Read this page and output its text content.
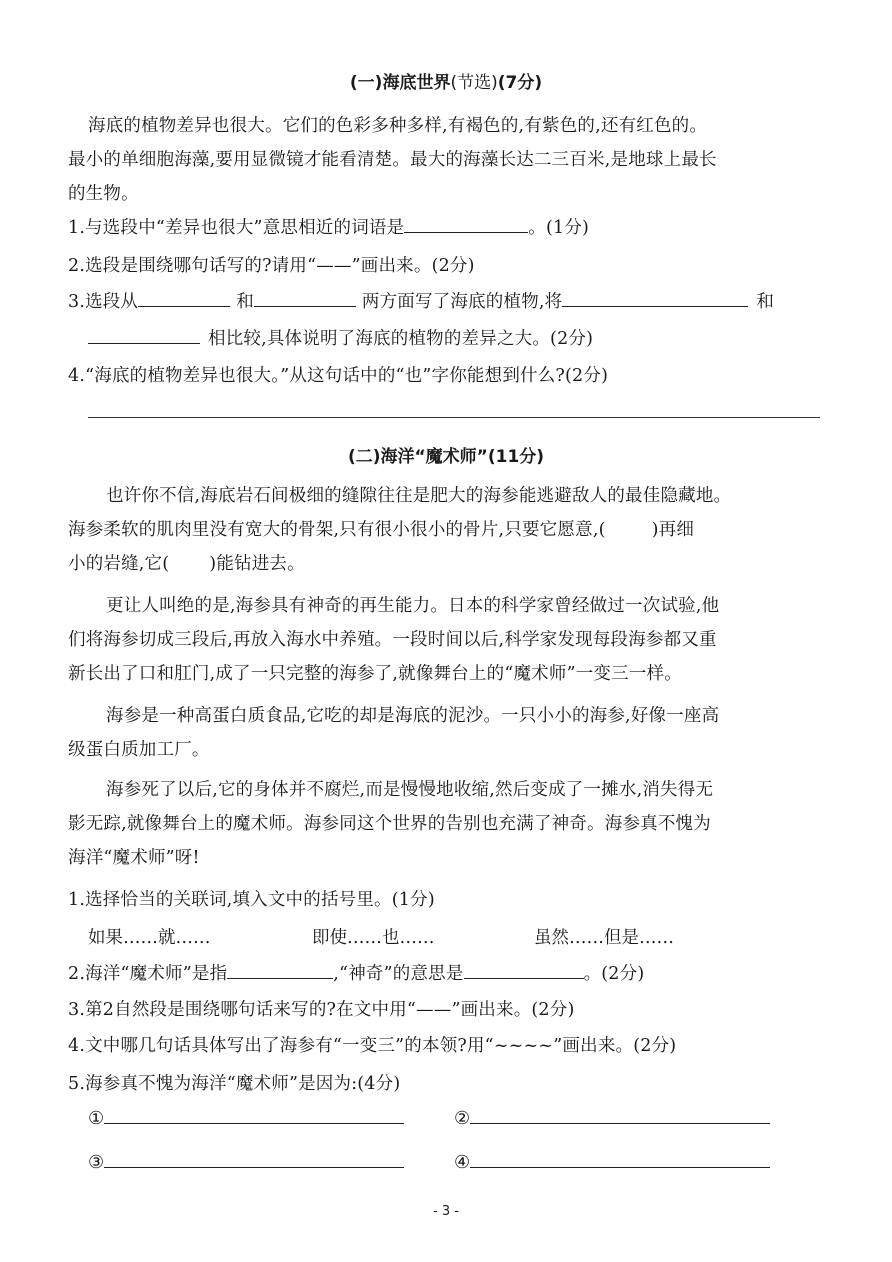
(一)海底世界(节选)(7分)
海底的植物差异也很大。它们的色彩多种多样,有褐色的,有紫色的,还有红色的。
最小的单细胞海藻,要用显微镜才能看清楚。最大的海藻长达二三百米,是地球上最长
的生物。
1.与选段中“差异也很大”意思相近的词语是	。(1分)
2.选段是围绕哪句话写的?请用“——”画出来。(2分)
3.选段从	和	两方面写了海底的植物,将	和
相比较,具体说明了海底的植物的差异之大。(2分)
4.“海底的植物差异也很大。”从这句话中的“也”字你能想到什么?(2分)
(二)海洋“魔术师”(11分)
也许你不信,海底岩石间极细的缝隙往往是肥大的海参能逃避敌人的最佳隐藏地。
海参柔软的肌肉里没有宽大的骨架,只有很小很小的骨片,只要它愿意,(	)再细
小的岩缝,它( )能钻进去。
更让人叫绝的是,海参具有神奇的再生能力。日本的科学家曾经做过一次试验,他
们将海参切成三段后,再放入海水中养殖。一段时间以后,科学家发现每段海参都又重
新长出了口和肛门,成了一只完整的海参了,就像舞台上的“魔术师”一变三一样。
海参是一种高蛋白质食品,它吃的却是海底的泥沙。一只小小的海参,好像一座高
级蛋白质加工厂。
海参死了以后,它的身体并不腐烂,而是慢慢地收缩,然后变成了一摊水,消失得无
影无踪,就像舞台上的魔术师。海参同这个世界的告别也充满了神奇。海参真不愧为
海洋“魔术师”呀!
1.选择恰当的关联词,填入文中的括号里。(1分)
如果……就……	即使……也……	虽然……但是……
2.海洋“魔术师”是指	,“神奇”的意思是	。(2分)
3.第2自然段是围绕哪句话来写的?在文中用“——”画出来。(2分)
4.文中哪几句话具体写出了海参有“一变三”的本领?用“~~~~”画出来。(2分)
5.海参真不愧为海洋“魔术师”是因为:(4分)
①	②
③	④
- 3 -
